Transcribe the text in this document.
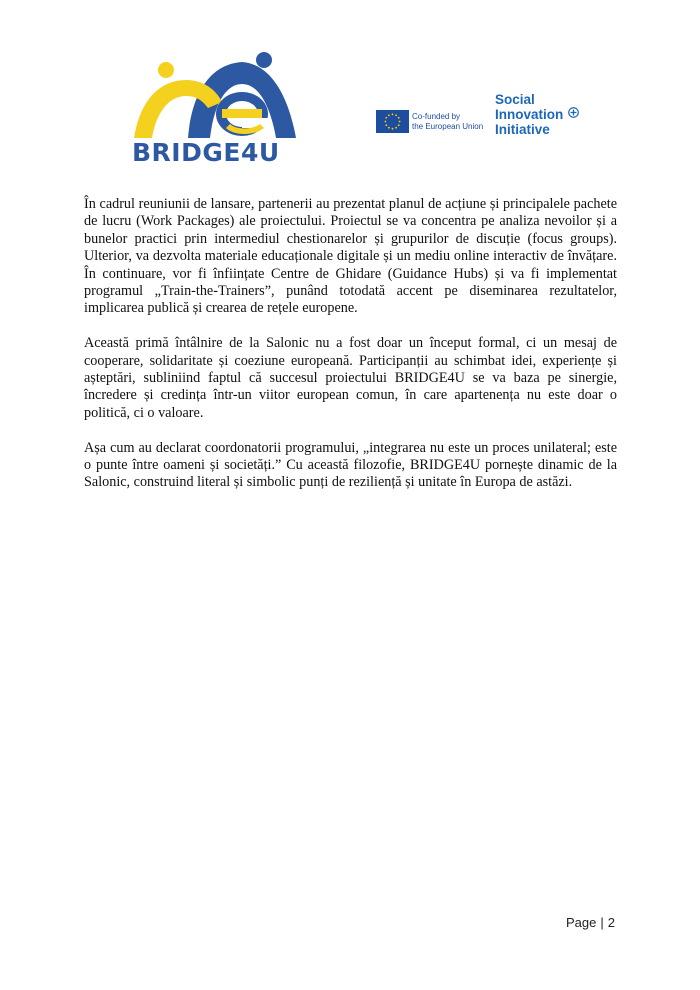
BRIDGE4U
Co-funded by
the European Union
Social
Innovation
Initiative

În cadrul reuniunii de lansare, partenerii au prezentat planul de acțiune și principalele pachete de lucru (Work Packages) ale proiectului. Proiectul se va concentra pe analiza nevoilor și a bunelor practici prin intermediul chestionarelor și grupurilor de discuție (focus groups). Ulterior, va dezvolta materiale educaționale digitale și un mediu online interactiv de învățare. În continuare, vor fi înființate Centre de Ghidare (Guidance Hubs) și va fi implementat programul „Train-the-Trainers”, punând totodată accent pe diseminarea rezultatelor, implicarea publică și crearea de rețele europene.

Această primă întâlnire de la Salonic nu a fost doar un început formal, ci un mesaj de cooperare, solidaritate și coeziune europeană. Participanții au schimbat idei, experiențe și așteptări, subliniind faptul că succesul proiectului BRIDGE4U se va baza pe sinergie, încredere și credința într-un viitor european comun, în care apartenența nu este doar o politică, ci o valoare.

Așa cum au declarat coordonatorii programului, „integrarea nu este un proces unilateral; este o punte între oameni și societăți.” Cu această filozofie, BRIDGE4U pornește dinamic de la Salonic, construind literal și simbolic punți de reziliență și unitate în Europa de astăzi.

Page | 2
